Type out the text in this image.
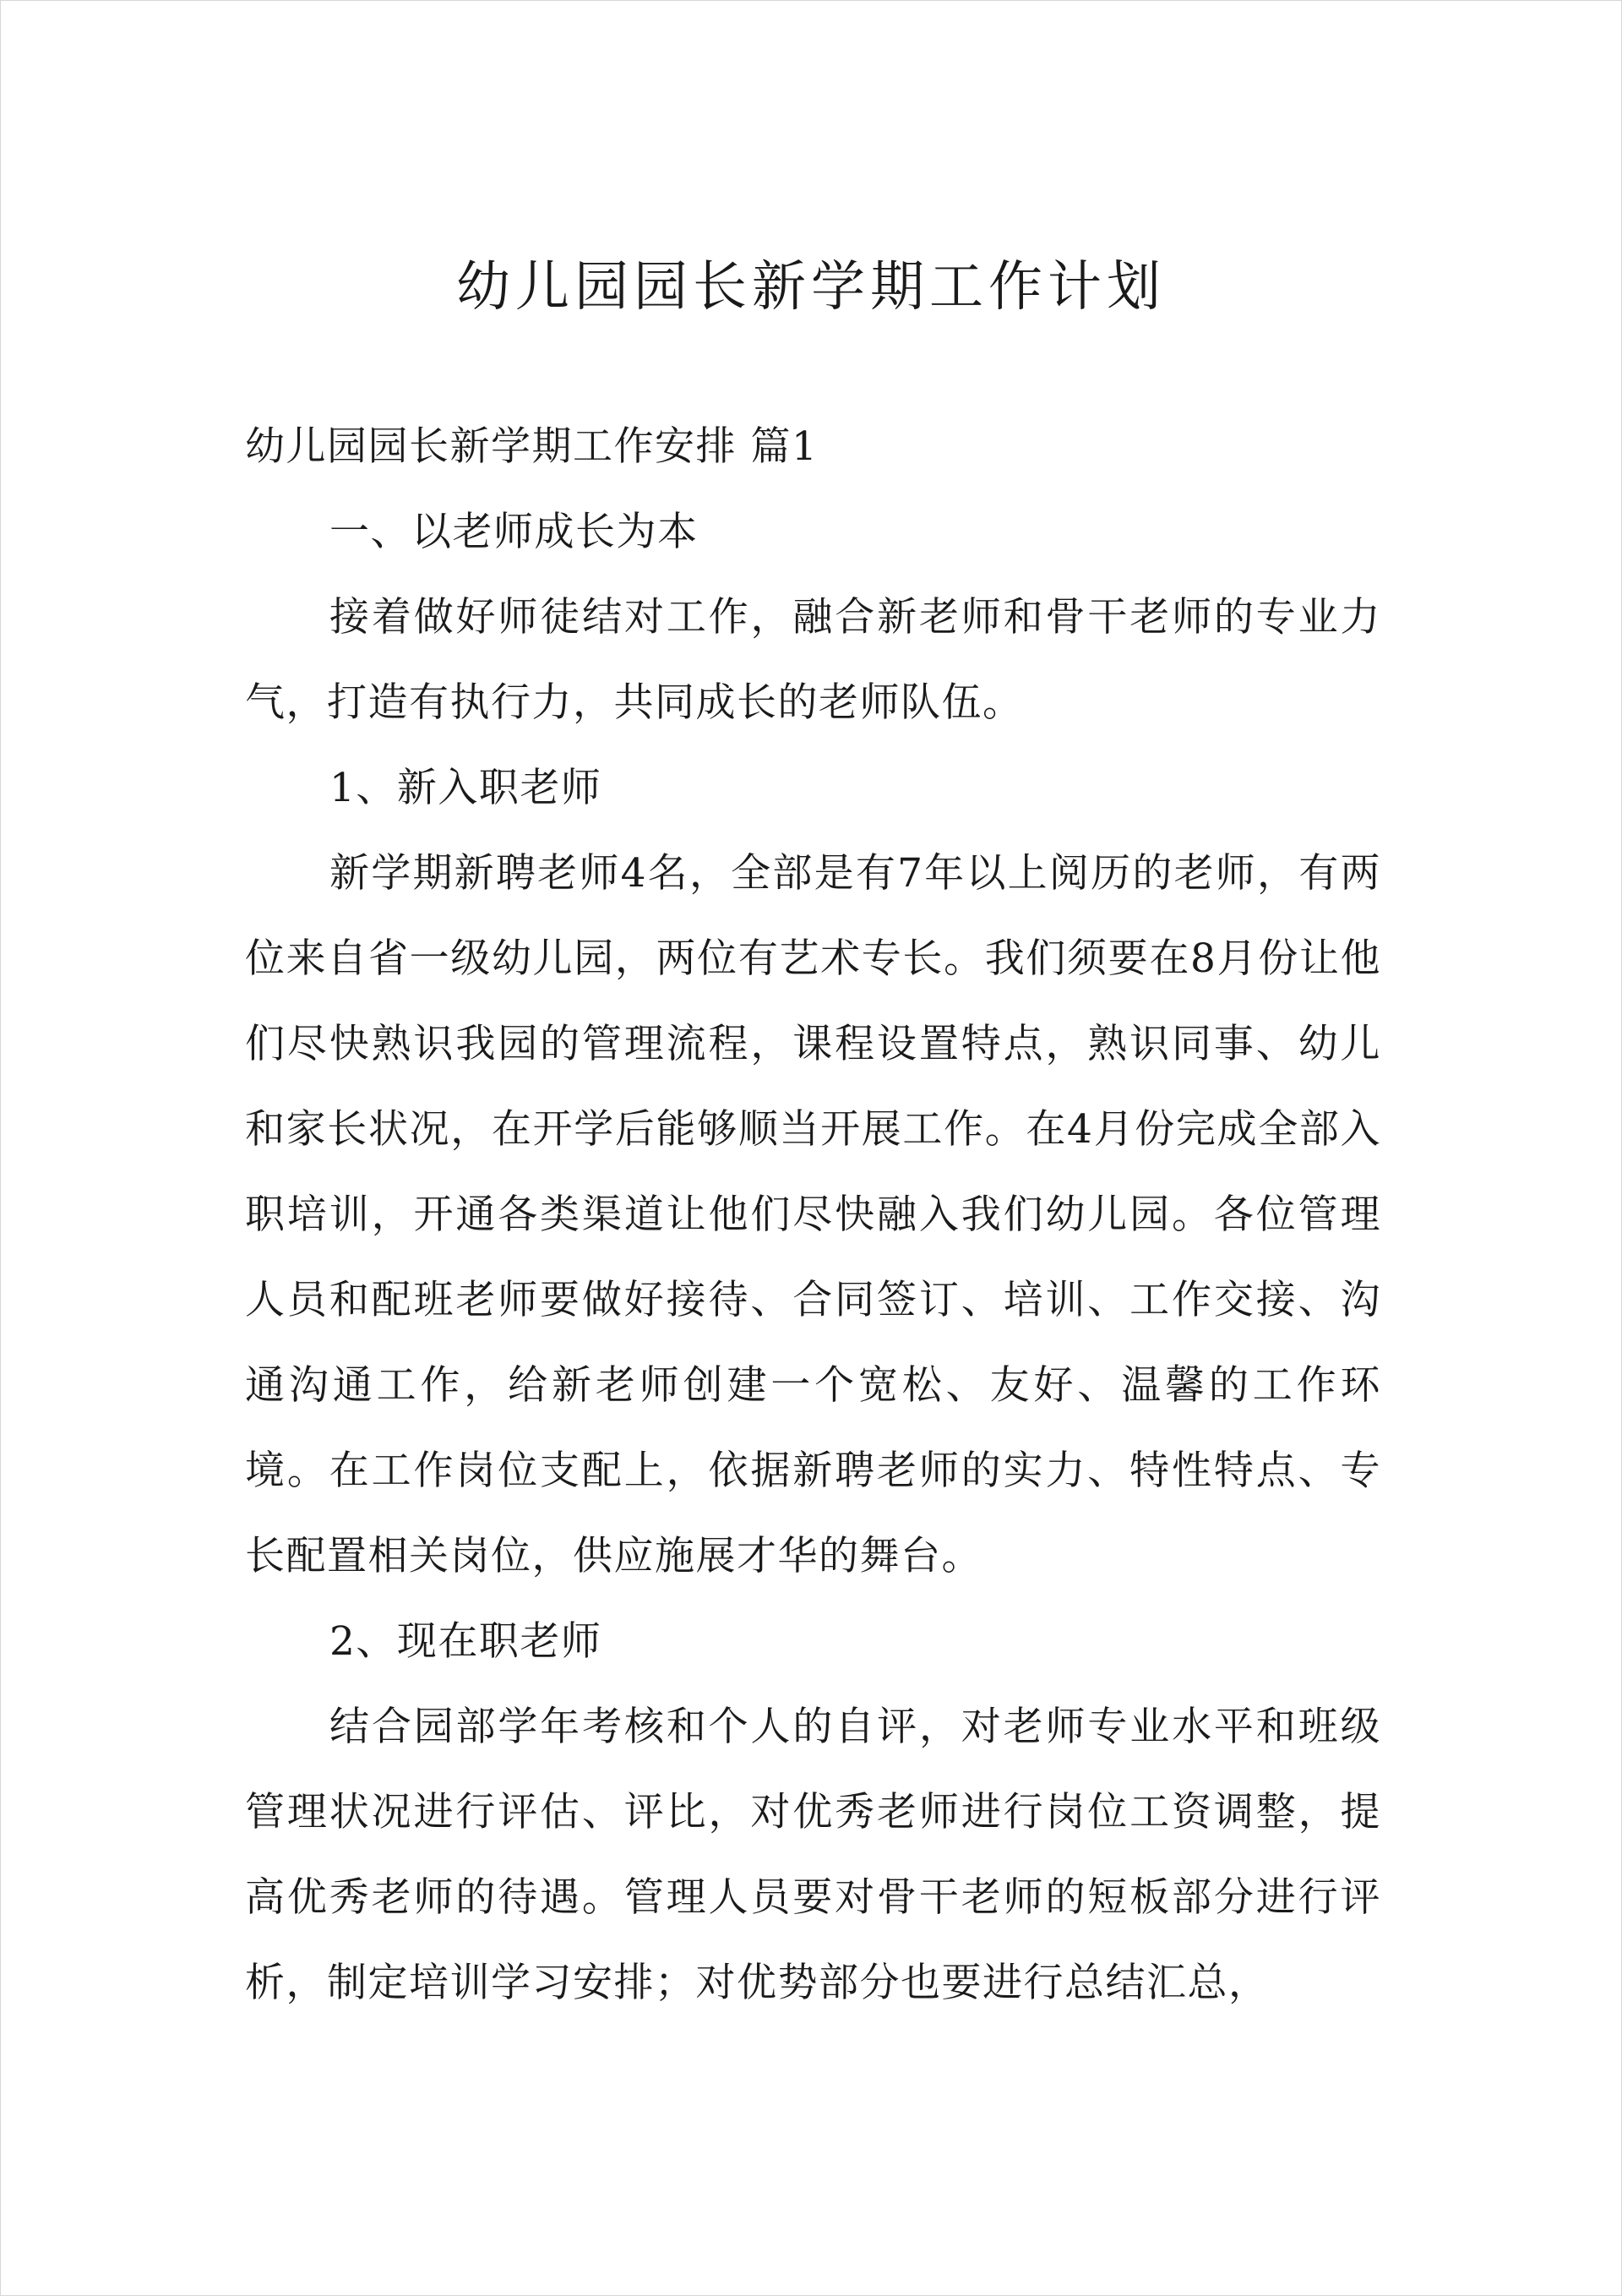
幼儿园园长新学期工作计划

幼儿园园长新学期工作安排 篇1

一、以老师成长为本

接着做好师徒结对工作，融合新老师和骨干老师的专业力气，打造有执行力，共同成长的老师队伍。

1、新入职老师

新学期新聘老师4名，全部是有7年以上阅历的老师，有两位来自省一级幼儿园，两位有艺术专长。我们须要在8月份让他们尽快熟识我园的管理流程，课程设置特点，熟识同事、幼儿和家长状况，在开学后能够顺当开展工作。在4月份完成全部入职培训，开通各类渠道让他们尽快融入我们幼儿园。各位管理人员和配班老师要做好接待、合同签订、培训、工作交接、沟通沟通工作，给新老师创建一个宽松、友好、温馨的工作环境。在工作岗位支配上，依据新聘老师的实力、特性特点、专长配置相关岗位，供应施展才华的舞台。

2、现在职老师

结合园部学年考核和个人的自评，对老师专业水平和班级管理状况进行评估、评比，对优秀老师进行岗位工资调整，提高优秀老师的待遇。管理人员要对骨干老师的短板部分进行评析，制定培训学习安排；对优势部分也要进行总结汇总，
